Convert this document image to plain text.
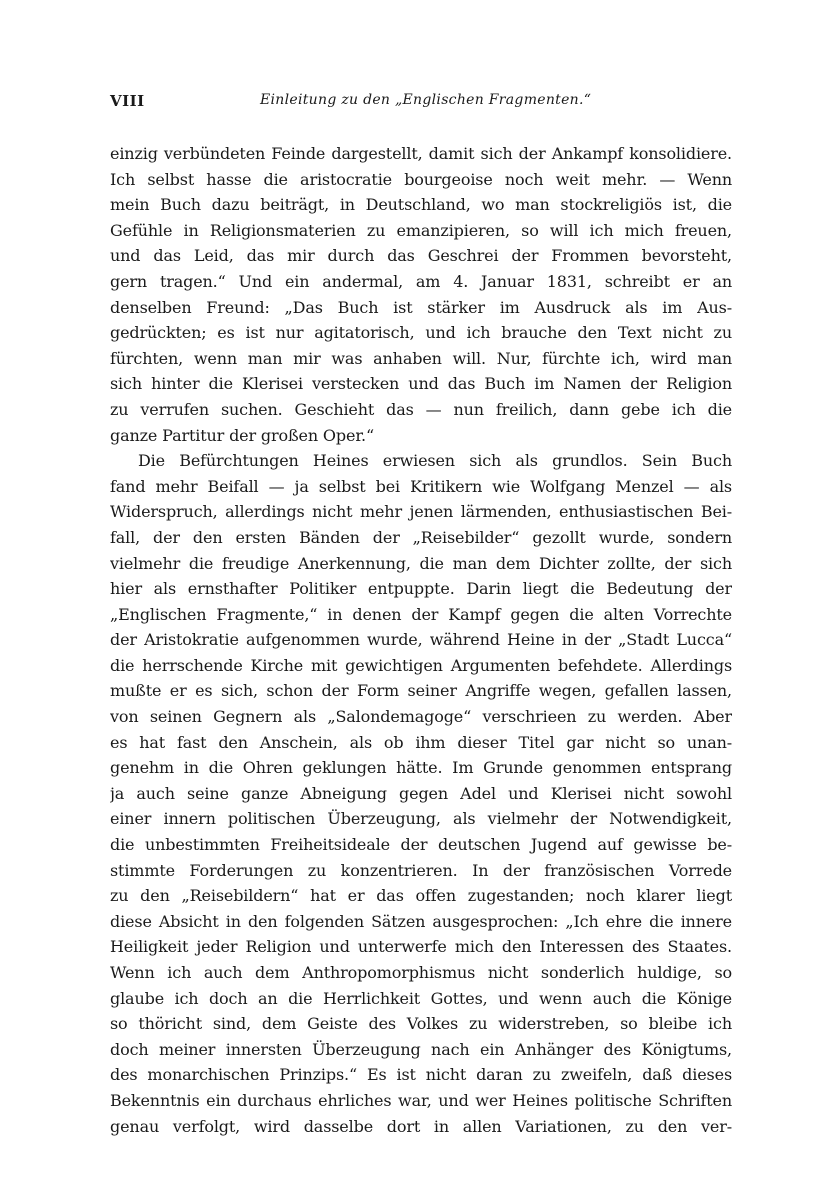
VIII	Einleitung zu den „Englischen Fragmenten.“
einzig verbündeten Feinde dargestellt, damit sich der Ankampf konsolidiere.
Ich selbst hasse die aristocratie bourgeoise noch weit mehr. — Wenn
mein Buch dazu beiträgt, in Deutschland, wo man stockreligiös ist, die
Gefühle in Religionsmaterien zu emanzipieren, so will ich mich freuen,
und das Leid, das mir durch das Geschrei der Frommen bevorsteht,
gern tragen.“ Und ein andermal, am 4. Januar 1831, schreibt er an
denselben Freund: „Das Buch ist stärker im Ausdruck als im Aus-
gedrückten; es ist nur agitatorisch, und ich brauche den Text nicht zu
fürchten, wenn man mir was anhaben will. Nur, fürchte ich, wird man
sich hinter die Klerisei verstecken und das Buch im Namen der Religion
zu verrufen suchen. Geschieht das — nun freilich, dann gebe ich die
ganze Partitur der großen Oper.“
Die Befürchtungen Heines erwiesen sich als grundlos. Sein Buch
fand mehr Beifall — ja selbst bei Kritikern wie Wolfgang Menzel — als
Widerspruch, allerdings nicht mehr jenen lärmenden, enthusiastischen Bei-
fall, der den ersten Bänden der „Reisebilder“ gezollt wurde, sondern
vielmehr die freudige Anerkennung, die man dem Dichter zollte, der sich
hier als ernsthafter Politiker entpuppte. Darin liegt die Bedeutung der
„Englischen Fragmente,“ in denen der Kampf gegen die alten Vorrechte
der Aristokratie aufgenommen wurde, während Heine in der „Stadt Lucca“
die herrschende Kirche mit gewichtigen Argumenten befehdete. Allerdings
mußte er es sich, schon der Form seiner Angriffe wegen, gefallen lassen,
von seinen Gegnern als „Salondemagoge“ verschrieen zu werden. Aber
es hat fast den Anschein, als ob ihm dieser Titel gar nicht so unan-
genehm in die Ohren geklungen hätte. Im Grunde genommen entsprang
ja auch seine ganze Abneigung gegen Adel und Klerisei nicht sowohl
einer innern politischen Überzeugung, als vielmehr der Notwendigkeit,
die unbestimmten Freiheitsideale der deutschen Jugend auf gewisse be-
stimmte Forderungen zu konzentrieren. In der französischen Vorrede
zu den „Reisebildern“ hat er das offen zugestanden; noch klarer liegt
diese Absicht in den folgenden Sätzen ausgesprochen: „Ich ehre die innere
Heiligkeit jeder Religion und unterwerfe mich den Interessen des Staates.
Wenn ich auch dem Anthropomorphismus nicht sonderlich huldige, so
glaube ich doch an die Herrlichkeit Gottes, und wenn auch die Könige
so thöricht sind, dem Geiste des Volkes zu widerstreben, so bleibe ich
doch meiner innersten Überzeugung nach ein Anhänger des Königtums,
des monarchischen Prinzips.“ Es ist nicht daran zu zweifeln, daß dieses
Bekenntnis ein durchaus ehrliches war, und wer Heines politische Schriften
genau verfolgt, wird dasselbe dort in allen Variationen, zu den ver-
